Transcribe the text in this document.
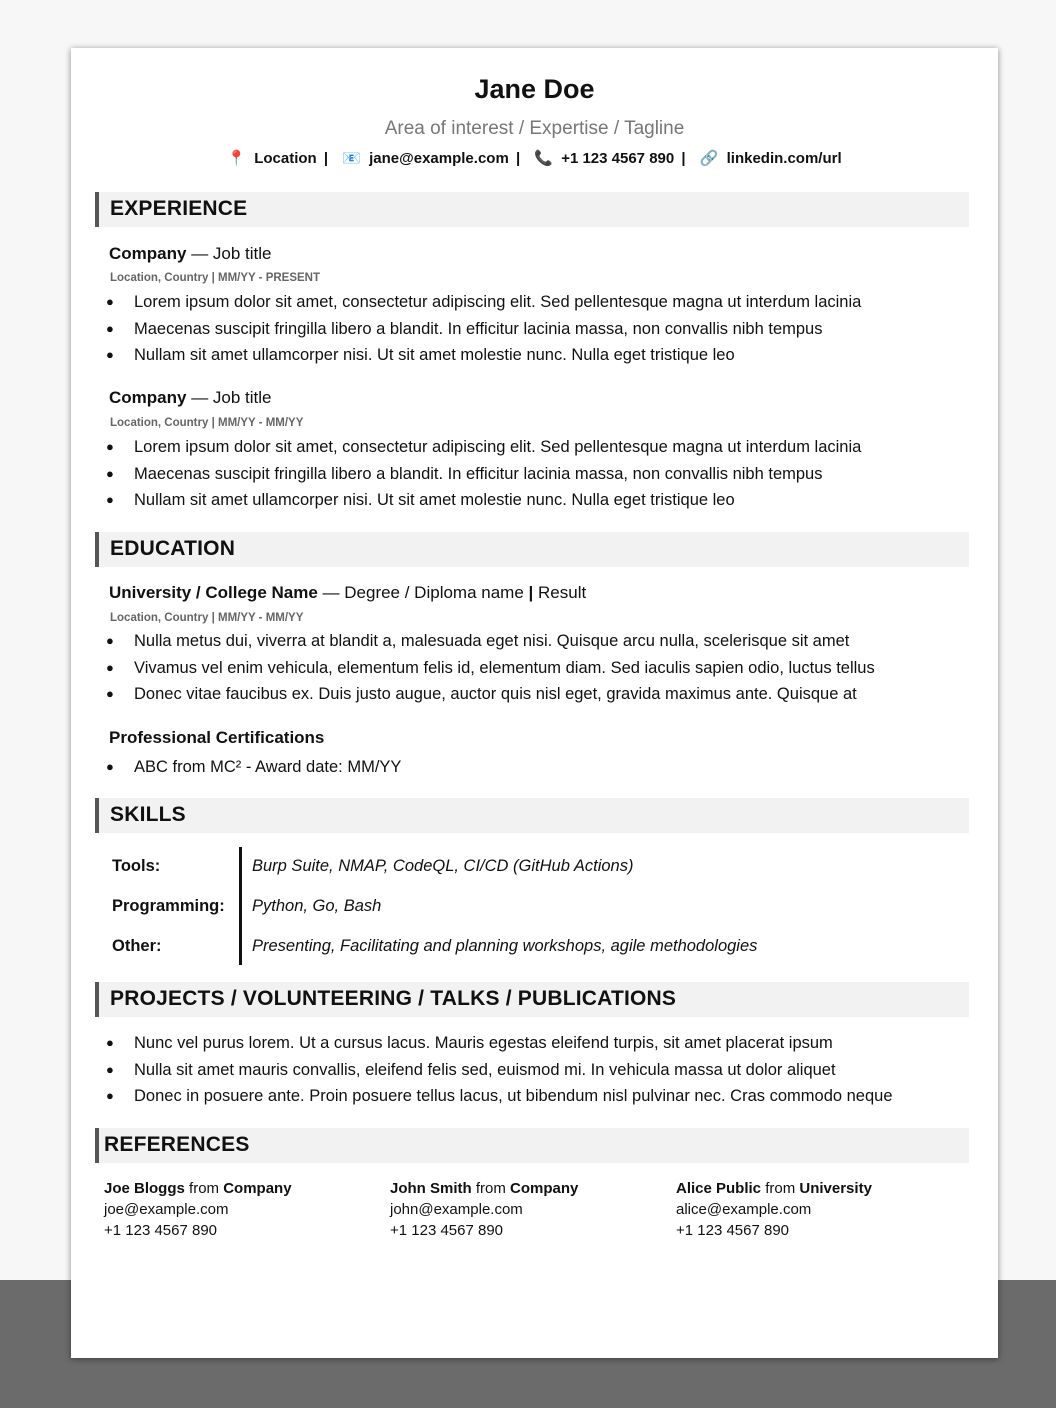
Jane Doe
Area of interest / Expertise / Tagline
📍 Location | 📧 jane@example.com | 📞 +1 123 4567 890 | 🔗 linkedin.com/url
EXPERIENCE
Company — Job title
Location, Country | MM/YY - PRESENT
● Lorem ipsum dolor sit amet, consectetur adipiscing elit. Sed pellentesque magna ut interdum lacinia
● Maecenas suscipit fringilla libero a blandit. In efficitur lacinia massa, non convallis nibh tempus
● Nullam sit amet ullamcorper nisi. Ut sit amet molestie nunc. Nulla eget tristique leo
Company — Job title
Location, Country | MM/YY - MM/YY
● Lorem ipsum dolor sit amet, consectetur adipiscing elit. Sed pellentesque magna ut interdum lacinia
● Maecenas suscipit fringilla libero a blandit. In efficitur lacinia massa, non convallis nibh tempus
● Nullam sit amet ullamcorper nisi. Ut sit amet molestie nunc. Nulla eget tristique leo
EDUCATION
University / College Name — Degree / Diploma name | Result
Location, Country | MM/YY - MM/YY
● Nulla metus dui, viverra at blandit a, malesuada eget nisi. Quisque arcu nulla, scelerisque sit amet
● Vivamus vel enim vehicula, elementum felis id, elementum diam. Sed iaculis sapien odio, luctus tellus
● Donec vitae faucibus ex. Duis justo augue, auctor quis nisl eget, gravida maximus ante. Quisque at
Professional Certifications
● ABC from MC² - Award date: MM/YY
SKILLS
Tools:	Burp Suite, NMAP, CodeQL, CI/CD (GitHub Actions)
Programming: Python, Go, Bash
Other:	Presenting, Facilitating and planning workshops, agile methodologies
PROJECTS / VOLUNTEERING / TALKS / PUBLICATIONS
● Nunc vel purus lorem. Ut a cursus lacus. Mauris egestas eleifend turpis, sit amet placerat ipsum
● Nulla sit amet mauris convallis, eleifend felis sed, euismod mi. In vehicula massa ut dolor aliquet
● Donec in posuere ante. Proin posuere tellus lacus, ut bibendum nisl pulvinar nec. Cras commodo neque
REFERENCES
Joe Bloggs from Company
joe@example.com
+1 123 4567 890
John Smith from Company
john@example.com
+1 123 4567 890
Alice Public from University
alice@example.com
+1 123 4567 890
